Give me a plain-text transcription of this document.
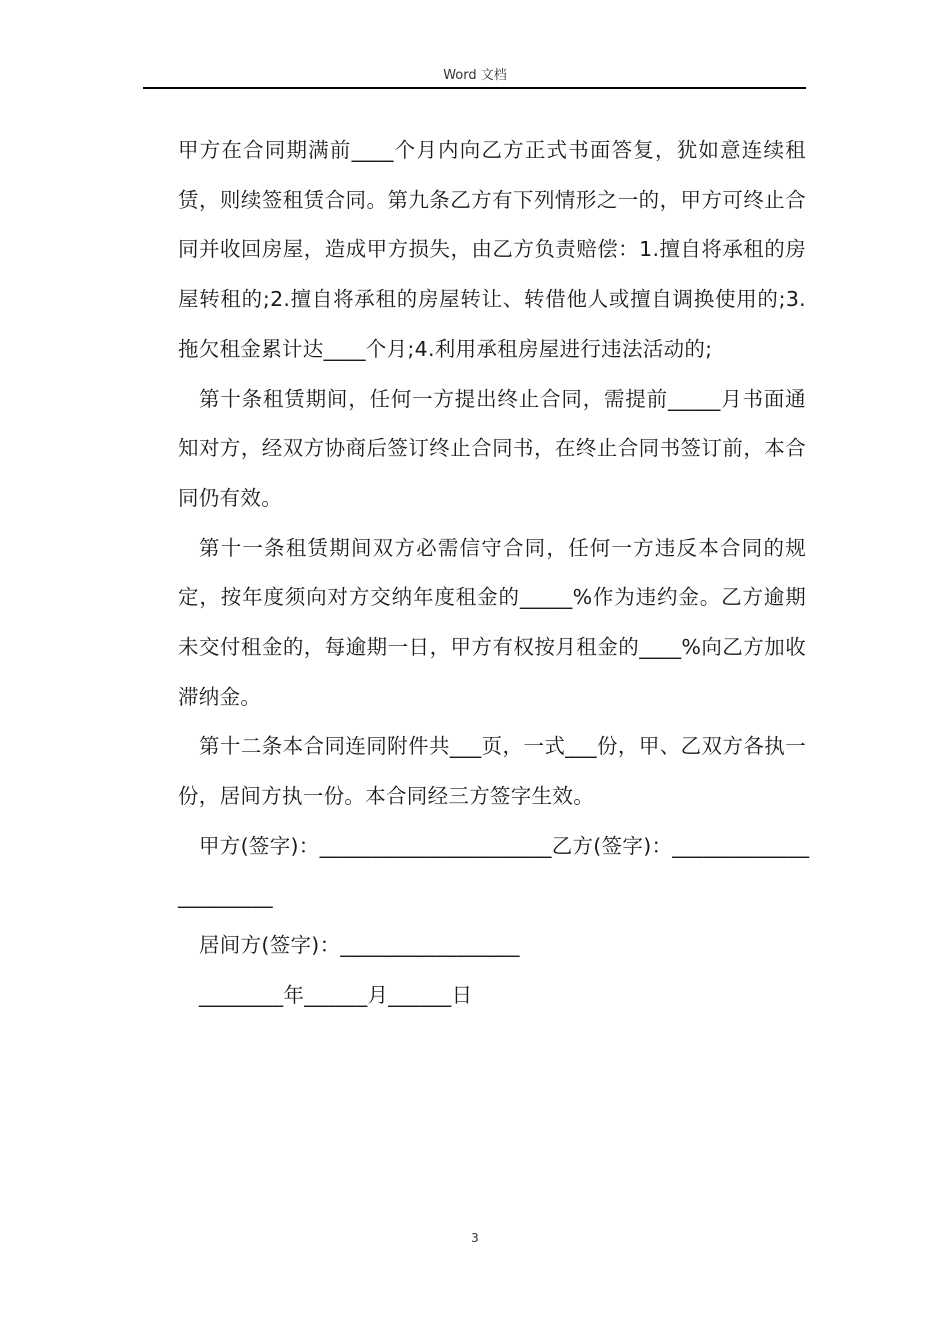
Word 文档

甲方在合同期满前____个月内向乙方正式书面答复，犹如意连续租赁，则续签租赁合同。第九条乙方有下列情形之一的，甲方可终止合同并收回房屋，造成甲方损失，由乙方负责赔偿：1.擅自将承租的房屋转租的;2.擅自将承租的房屋转让、转借他人或擅自调换使用的;3.拖欠租金累计达____个月;4.利用承租房屋进行违法活动的;

第十条租赁期间，任何一方提出终止合同，需提前_____月书面通知对方，经双方协商后签订终止合同书，在终止合同书签订前，本合同仍有效。

第十一条租赁期间双方必需信守合同，任何一方违反本合同的规定，按年度须向对方交纳年度租金的_____%作为违约金。乙方逾期未交付租金的，每逾期一日，甲方有权按月租金的____%向乙方加收滞纳金。

第十二条本合同连同附件共___页，一式___份，甲、乙双方各执一份，居间方执一份。本合同经三方签字生效。

甲方(签字)：______________________乙方(签字)：_____________

_________

居间方(签字)：_________________

________年______月______日

3
